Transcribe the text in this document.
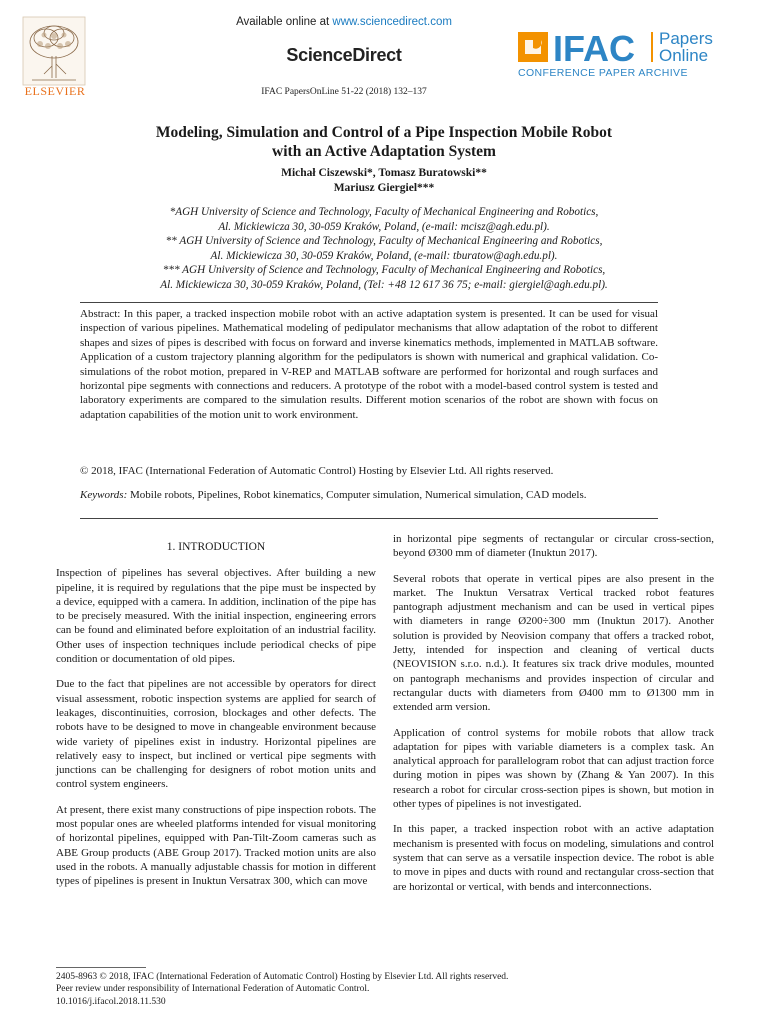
ELSEVIER
Available online at www.sciencedirect.com
ScienceDirect
IFAC PapersOnLine 51-22 (2018) 132–137
IFAC Papers
Online
CONFERENCE PAPER ARCHIVE
Modeling, Simulation and Control of a Pipe Inspection Mobile Robot
with an Active Adaptation System
Michał Ciszewski*, Tomasz Buratowski**
Mariusz Giergiel***
*AGH University of Science and Technology, Faculty of Mechanical Engineering and Robotics,
Al. Mickiewicza 30, 30-059 Kraków, Poland, (e-mail: mcisz@agh.edu.pl).
** AGH University of Science and Technology, Faculty of Mechanical Engineering and Robotics,
Al. Mickiewicza 30, 30-059 Kraków, Poland, (e-mail: tburatow@agh.edu.pl).
*** AGH University of Science and Technology, Faculty of Mechanical Engineering and Robotics,
Al. Mickiewicza 30, 30-059 Kraków, Poland, (Tel: +48 12 617 36 75; e-mail: giergiel@agh.edu.pl).
Abstract: In this paper, a tracked inspection mobile robot with an active adaptation system is presented. It can be used for visual inspection of various pipelines. Mathematical modeling of pedipulator mechanisms that allow adaptation of the robot to different shapes and sizes of pipes is described with focus on forward and inverse kinematics methods, implemented in MATLAB software. Application of a custom trajectory planning algorithm for the pedipulators is shown with numerical and graphical validation. Co-simulations of the robot motion, prepared in V-REP and MATLAB software are performed for horizontal and rough surfaces and horizontal pipe segments with connections and reducers. A prototype of the robot with a model-based control system is tested and laboratory experiments are compared to the simulation results. Different motion scenarios of the robot are shown with focus on adaptation capabilities of the motion unit to work environment.
© 2018, IFAC (International Federation of Automatic Control) Hosting by Elsevier Ltd. All rights reserved.
Keywords: Mobile robots, Pipelines, Robot kinematics, Computer simulation, Numerical simulation, CAD models.
1. INTRODUCTION

Inspection of pipelines has several objectives. After building a new pipeline, it is required by regulations that the pipe must be inspected by a device, equipped with a camera. In addition, inclination of the pipe has to be precisely measured. With the initial inspection, engineering errors can be found and eliminated before exploitation of an industrial facility. Other uses of inspection techniques include periodical checks of pipe condition or documentation of old pipes.

Due to the fact that pipelines are not accessible by operators for direct visual assessment, robotic inspection systems are applied for search of leakages, discontinuities, corrosion, blockages and other defects. The robots have to be designed to move in changeable environment because wide variety of pipelines exist in industry. Horizontal pipelines are relatively easy to inspect, but inclined or vertical pipe segments with junctions can be challenging for designers of robot motion units and control system engineers.

At present, there exist many constructions of pipe inspection robots. The most popular ones are wheeled platforms intended for visual monitoring of horizontal pipelines, equipped with Pan-Tilt-Zoom cameras such as ABE Group products (ABE Group 2017). Tracked motion units are also used in the robots. A manually adjustable chassis for motion in different types of pipelines is present in Inuktun Versatrax 300, which can move

in horizontal pipe segments of rectangular or circular cross-section, beyond Ø300 mm of diameter (Inuktun 2017).

Several robots that operate in vertical pipes are also present in the market. The Inuktun Versatrax Vertical tracked robot features pantograph adjustment mechanism and can be used in vertical pipes with diameters in range Ø200÷300 mm (Inuktun 2017). Another solution is provided by Neovision company that offers a tracked robot, Jetty, intended for inspection and cleaning of vertical ducts (NEOVISION s.r.o. n.d.). It features six track drive modules, mounted on pantograph mechanisms and provides inspection of circular and rectangular ducts with diameters from Ø400 mm to Ø1300 mm in extended arm version.

Application of control systems for mobile robots that allow track adaptation for pipes with variable diameters is a complex task. An analytical approach for parallelogram robot that can adjust traction force during motion in pipes was shown by (Zhang & Yan 2007). In this research a robot for circular cross-section pipes is shown, but motion in other types of pipelines is not investigated.

In this paper, a tracked inspection robot with an active adaptation mechanism is presented with focus on modeling, simulations and control system that can serve as a versatile inspection device. The robot is able to move in pipes and ducts with round and rectangular cross-section that are horizontal or vertical, with bends and interconnections.

2405-8963 © 2018, IFAC (International Federation of Automatic Control) Hosting by Elsevier Ltd. All rights reserved.
Peer review under responsibility of International Federation of Automatic Control.
10.1016/j.ifacol.2018.11.530
